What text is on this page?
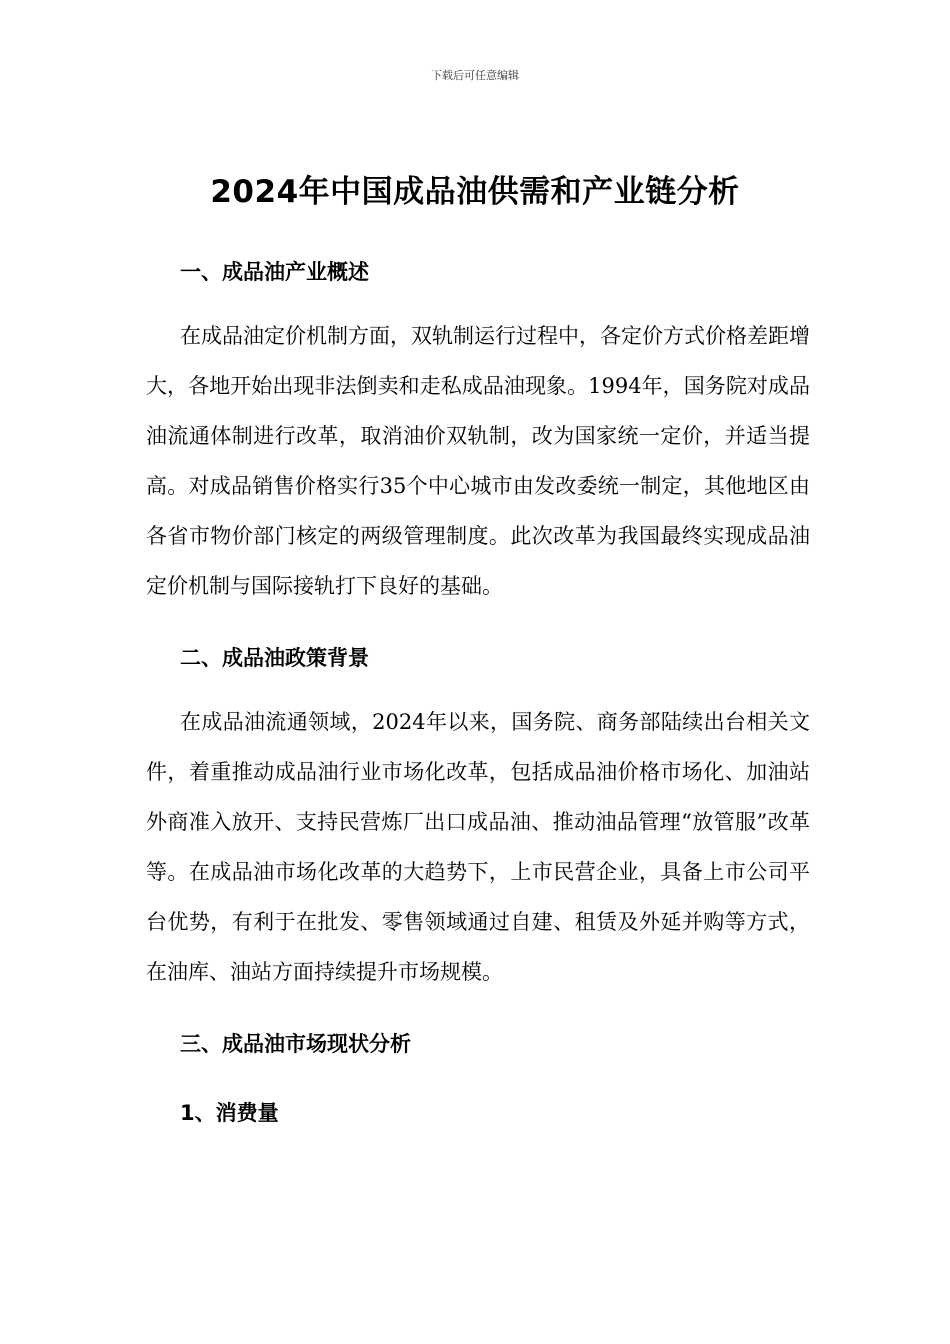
下载后可任意编辑
2024年中国成品油供需和产业链分析
一、成品油产业概述
在成品油定价机制方面，双轨制运行过程中，各定价方式价格差距增大，各地开始出现非法倒卖和走私成品油现象。1994年，国务院对成品油流通体制进行改革，取消油价双轨制，改为国家统一定价，并适当提高。对成品销售价格实行35个中心城市由发改委统一制定，其他地区由各省市物价部门核定的两级管理制度。此次改革为我国最终实现成品油定价机制与国际接轨打下良好的基础。
二、成品油政策背景
在成品油流通领域，2024年以来，国务院、商务部陆续出台相关文件，着重推动成品油行业市场化改革，包括成品油价格市场化、加油站外商准入放开、支持民营炼厂出口成品油、推动油品管理“放管服”改革等。在成品油市场化改革的大趋势下，上市民营企业，具备上市公司平台优势，有利于在批发、零售领域通过自建、租赁及外延并购等方式，在油库、油站方面持续提升市场规模。
三、成品油市场现状分析
1、消费量
